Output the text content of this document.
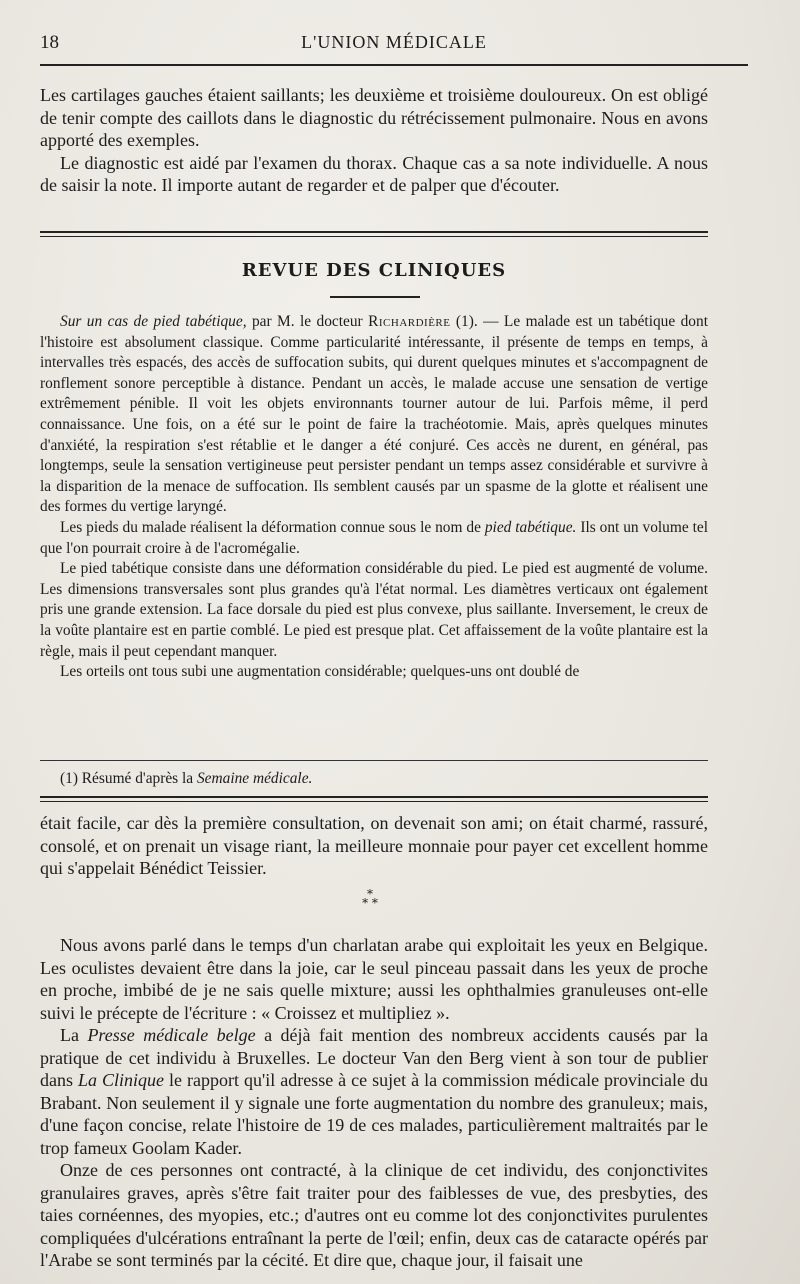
18	L'UNION MÉDICALE

Les cartilages gauches étaient saillants; les deuxième et troisième douloureux. On est obligé de tenir compte des caillots dans le diagnostic du rétrécissement pulmonaire. Nous en avons apporté des exemples.

Le diagnostic est aidé par l'examen du thorax. Chaque cas a sa note individuelle. A nous de saisir la note. Il importe autant de regarder et de palper que d'écouter.

REVUE DES CLINIQUES

Sur un cas de pied tabétique, par M. le docteur Richardière (1). — Le malade est un tabétique dont l'histoire est absolument classique. Comme particularité intéressante, il présente de temps en temps, à intervalles très espacés, des accès de suffocation subits, qui durent quelques minutes et s'accompagnent de ronflement sonore perceptible à distance. Pendant un accès, le malade accuse une sensation de vertige extrêmement pénible. Il voit les objets environnants tourner autour de lui. Parfois même, il perd connaissance. Une fois, on a été sur le point de faire la trachéotomie. Mais, après quelques minutes d'anxiété, la respiration s'est rétablie et le danger a été conjuré. Ces accès ne durent, en général, pas longtemps, seule la sensation vertigineuse peut persister pendant un temps assez considérable et survivre à la disparition de la menace de suffocation. Ils semblent causés par un spasme de la glotte et réalisent une des formes du vertige laryngé.

Les pieds du malade réalisent la déformation connue sous le nom de pied tabétique. Ils ont un volume tel que l'on pourrait croire à de l'acromégalie.

Le pied tabétique consiste dans une déformation considérable du pied. Le pied est augmenté de volume. Les dimensions transversales sont plus grandes qu'à l'état normal. Les diamètres verticaux ont également pris une grande extension. La face dorsale du pied est plus convexe, plus saillante. Inversement, le creux de la voûte plantaire est en partie comblé. Le pied est presque plat. Cet affaissement de la voûte plantaire est la règle, mais il peut cependant manquer.

Les orteils ont tous subi une augmentation considérable; quelques-uns ont doublé de

(1) Résumé d'après la Semaine médicale.

était facile, car dès la première consultation, on devenait son ami; on était charmé, rassuré, consolé, et on prenait un visage riant, la meilleure monnaie pour payer cet excellent homme qui s'appelait Bénédict Teissier.

*
* *

Nous avons parlé dans le temps d'un charlatan arabe qui exploitait les yeux en Belgique. Les oculistes devaient être dans la joie, car le seul pinceau passait dans les yeux de proche en proche, imbibé de je ne sais quelle mixture; aussi les ophthalmies granuleuses ont-elle suivi le précepte de l'écriture : « Croissez et multipliez ».

La Presse médicale belge a déjà fait mention des nombreux accidents causés par la pratique de cet individu à Bruxelles. Le docteur Van den Berg vient à son tour de publier dans La Clinique le rapport qu'il adresse à ce sujet à la commission médicale provinciale du Brabant. Non seulement il y signale une forte augmentation du nombre des granuleux; mais, d'une façon concise, relate l'histoire de 19 de ces malades, particulièrement maltraités par le trop fameux Goolam Kader.

Onze de ces personnes ont contracté, à la clinique de cet individu, des conjonctivites granulaires graves, après s'être fait traiter pour des faiblesses de vue, des presbyties, des taies cornéennes, des myopies, etc.; d'autres ont eu comme lot des conjonctivites purulentes compliquées d'ulcérations entraînant la perte de l'œil; enfin, deux cas de cataracte opérés par l'Arabe se sont terminés par la cécité. Et dire que, chaque jour, il faisait une
